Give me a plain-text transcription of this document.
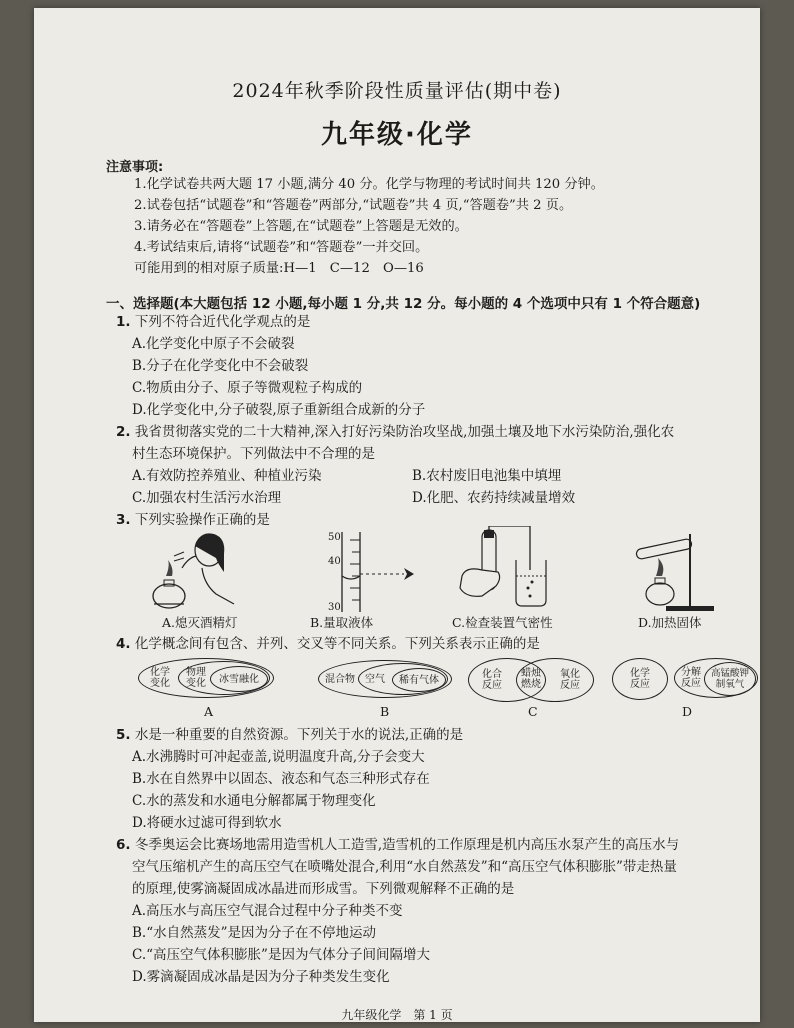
2024年秋季阶段性质量评估(期中卷)
九年级·化学
注意事项:
1.化学试卷共两大题 17 小题,满分 40 分。化学与物理的考试时间共 120 分钟。
2.试卷包括“试题卷”和“答题卷”两部分,“试题卷”共 4 页,“答题卷”共 2 页。
3.请务必在“答题卷”上答题,在“试题卷”上答题是无效的。
4.考试结束后,请将“试题卷”和“答题卷”一并交回。
可能用到的相对原子质量:H—1　C—12　O—16
一、选择题(本大题包括 12 小题,每小题 1 分,共 12 分。每小题的 4 个选项中只有 1 个符合题意)
1. 下列不符合近代化学观点的是
A.化学变化中原子不会破裂
B.分子在化学变化中不会破裂
C.物质由分子、原子等微观粒子构成的
D.化学变化中,分子破裂,原子重新组合成新的分子
2. 我省贯彻落实党的二十大精神,深入打好污染防治攻坚战,加强土壤及地下水污染防治,强化农
村生态环境保护。下列做法中不合理的是
A.有效防控养殖业、种植业污染	B.农村废旧电池集中填埋
C.加强农村生活污水治理	D.化肥、农药持续减量增效
3. 下列实验操作正确的是
A.熄灭酒精灯
50
40
30
B.量取液体	C.检查装置气密性	D.加热固体
4. 化学概念间有包含、并列、交叉等不同关系。下列关系表示正确的是
化学变化
物理变化	冰雪融化
A
混合物 空气	稀有气体
B
化合反应
氧化反应
蜡烛燃烧
C
化学反应
分解反应
高锰酸钾制氧气
D
5. 水是一种重要的自然资源。下列关于水的说法,正确的是
A.水沸腾时可冲起壶盖,说明温度升高,分子会变大
B.水在自然界中以固态、液态和气态三种形式存在
C.水的蒸发和水通电分解都属于物理变化
D.将硬水过滤可得到软水
6. 冬季奥运会比赛场地需用造雪机人工造雪,造雪机的工作原理是机内高压水泵产生的高压水与
空气压缩机产生的高压空气在喷嘴处混合,利用“水自然蒸发”和“高压空气体积膨胀”带走热量
的原理,使雾滴凝固成冰晶进而形成雪。下列微观解释不正确的是
A.高压水与高压空气混合过程中分子种类不变
B.“水自然蒸发”是因为分子在不停地运动
C.“高压空气体积膨胀”是因为气体分子间间隔增大
D.雾滴凝固成冰晶是因为分子种类发生变化
九年级化学　第 1 页
